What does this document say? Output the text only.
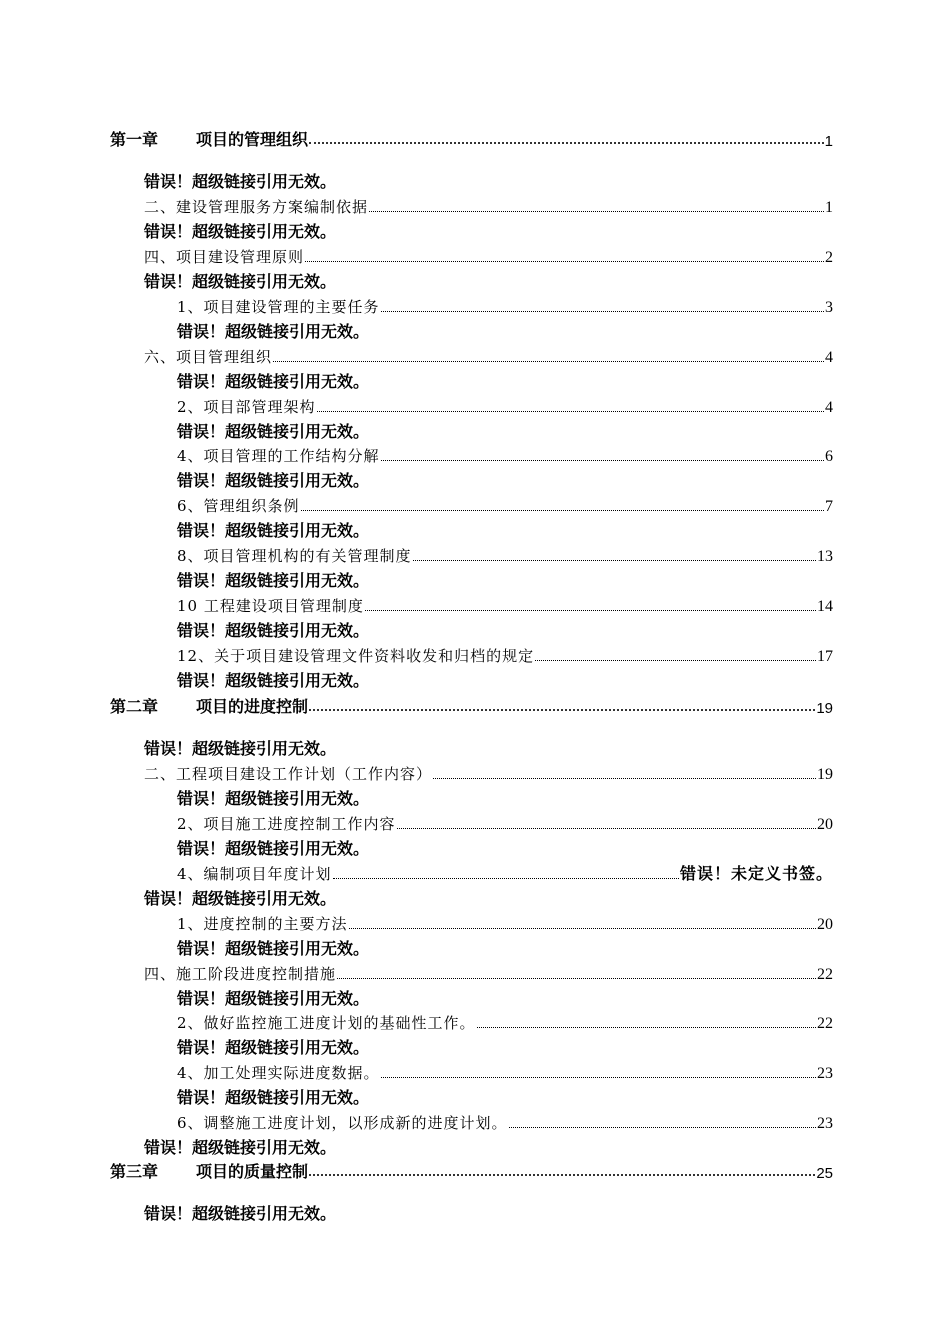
第一章 项目的管理组织	1
错误！超级链接引用无效。
二、建设管理服务方案编制依据	1
错误！超级链接引用无效。
四、项目建设管理原则	2
错误！超级链接引用无效。
1、项目建设管理的主要任务	3
错误！超级链接引用无效。
六、项目管理组织	4
错误！超级链接引用无效。
2、项目部管理架构	4
错误！超级链接引用无效。
4、项目管理的工作结构分解	6
错误！超级链接引用无效。
6、管理组织条例	7
错误！超级链接引用无效。
8、项目管理机构的有关管理制度	13
错误！超级链接引用无效。
10 工程建设项目管理制度	14
错误！超级链接引用无效。
12、关于项目建设管理文件资料收发和归档的规定	17
错误！超级链接引用无效。
第二章 项目的进度控制	19
错误！超级链接引用无效。
二、工程项目建设工作计划（工作内容）	19
错误！超级链接引用无效。
2、项目施工进度控制工作内容	20
错误！超级链接引用无效。
4、编制项目年度计划	错误！未定义书签。
错误！超级链接引用无效。
1、进度控制的主要方法	20
错误！超级链接引用无效。
四、施工阶段进度控制措施	22
错误！超级链接引用无效。
2、做好监控施工进度计划的基础性工作。	22
错误！超级链接引用无效。
4、加工处理实际进度数据。	23
错误！超级链接引用无效。
6、调整施工进度计划，以形成新的进度计划。	23
错误！超级链接引用无效。
第三章 项目的质量控制	25
错误！超级链接引用无效。
